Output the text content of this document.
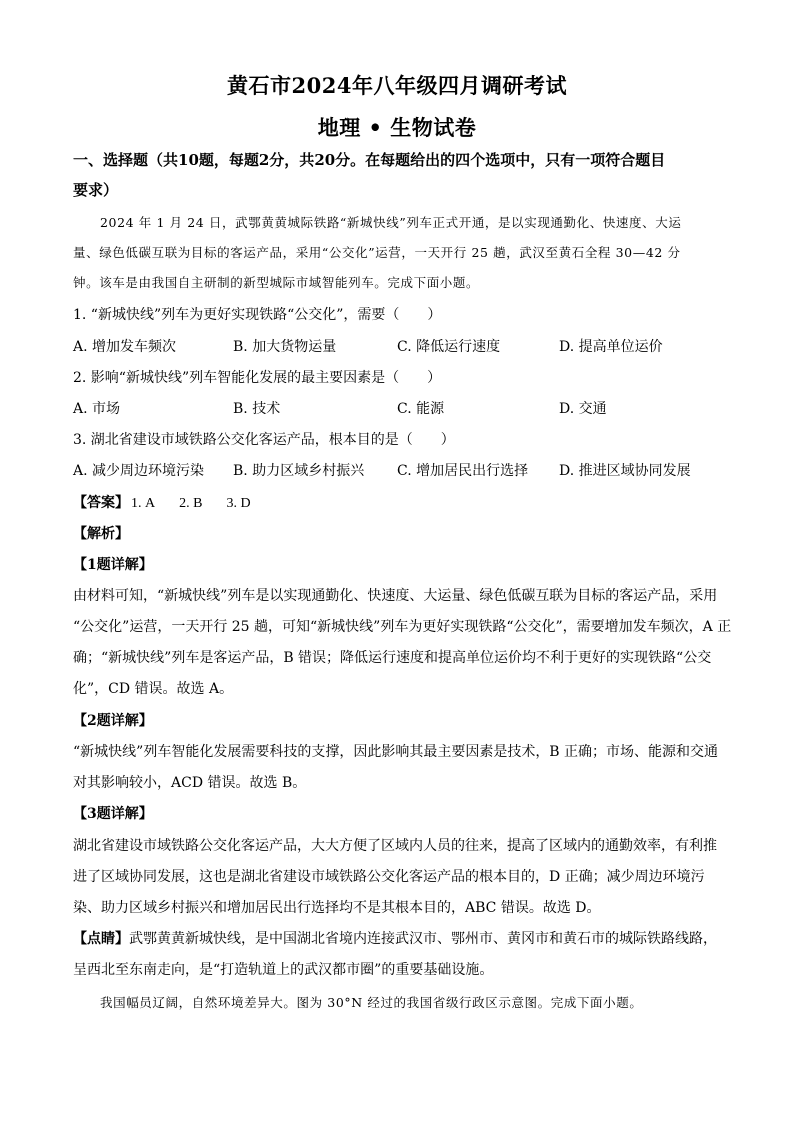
黄石市2024年八年级四月调研考试
地理 • 生物试卷
一、选择题（共10题，每题2分，共20分。在每题给出的四个选项中，只有一项符合题目
要求）
2024 年 1 月 24 日，武鄂黄黄城际铁路“新城快线”列车正式开通，是以实现通勤化、快速度、大运
量、绿色低碳互联为目标的客运产品，采用“公交化”运营，一天开行 25 趟，武汉至黄石全程 30—42 分
钟。该车是由我国自主研制的新型城际市域智能列车。完成下面小题。
1. “新城快线”列车为更好实现铁路“公交化”，需要（　　）
A. 增加发车频次	B. 加大货物运量	C. 降低运行速度	D. 提高单位运价
2. 影响“新城快线”列车智能化发展的最主要因素是（　　）
A. 市场	B. 技术	C. 能源	D. 交通
3. 湖北省建设市域铁路公交化客运产品，根本目的是（　　）
A. 减少周边环境污染 B. 助力区域乡村振兴 C. 增加居民出行选择 D. 推进区域协同发展
【答案】 1. A 2. B 3. D
【解析】
【1题详解】
由材料可知，“新城快线”列车是以实现通勤化、快速度、大运量、绿色低碳互联为目标的客运产品，采用
“公交化”运营，一天开行 25 趟，可知“新城快线”列车为更好实现铁路“公交化”，需要增加发车频次，A 正
确；“新城快线”列车是客运产品，B 错误；降低运行速度和提高单位运价均不利于更好的实现铁路“公交
化”，CD 错误。故选 A。
【2题详解】
“新城快线”列车智能化发展需要科技的支撑，因此影响其最主要因素是技术，B 正确；市场、能源和交通
对其影响较小，ACD 错误。故选 B。
【3题详解】
湖北省建设市域铁路公交化客运产品，大大方便了区域内人员的往来，提高了区域内的通勤效率，有利推
进了区域协同发展，这也是湖北省建设市域铁路公交化客运产品的根本目的，D 正确；减少周边环境污
染、助力区域乡村振兴和增加居民出行选择均不是其根本目的，ABC 错误。故选 D。
【点睛】武鄂黄黄新城快线，是中国湖北省境内连接武汉市、鄂州市、黄冈市和黄石市的城际铁路线路，
呈西北至东南走向，是“打造轨道上的武汉都市圈”的重要基础设施。
我国幅员辽阔，自然环境差异大。图为 30°N 经过的我国省级行政区示意图。完成下面小题。
